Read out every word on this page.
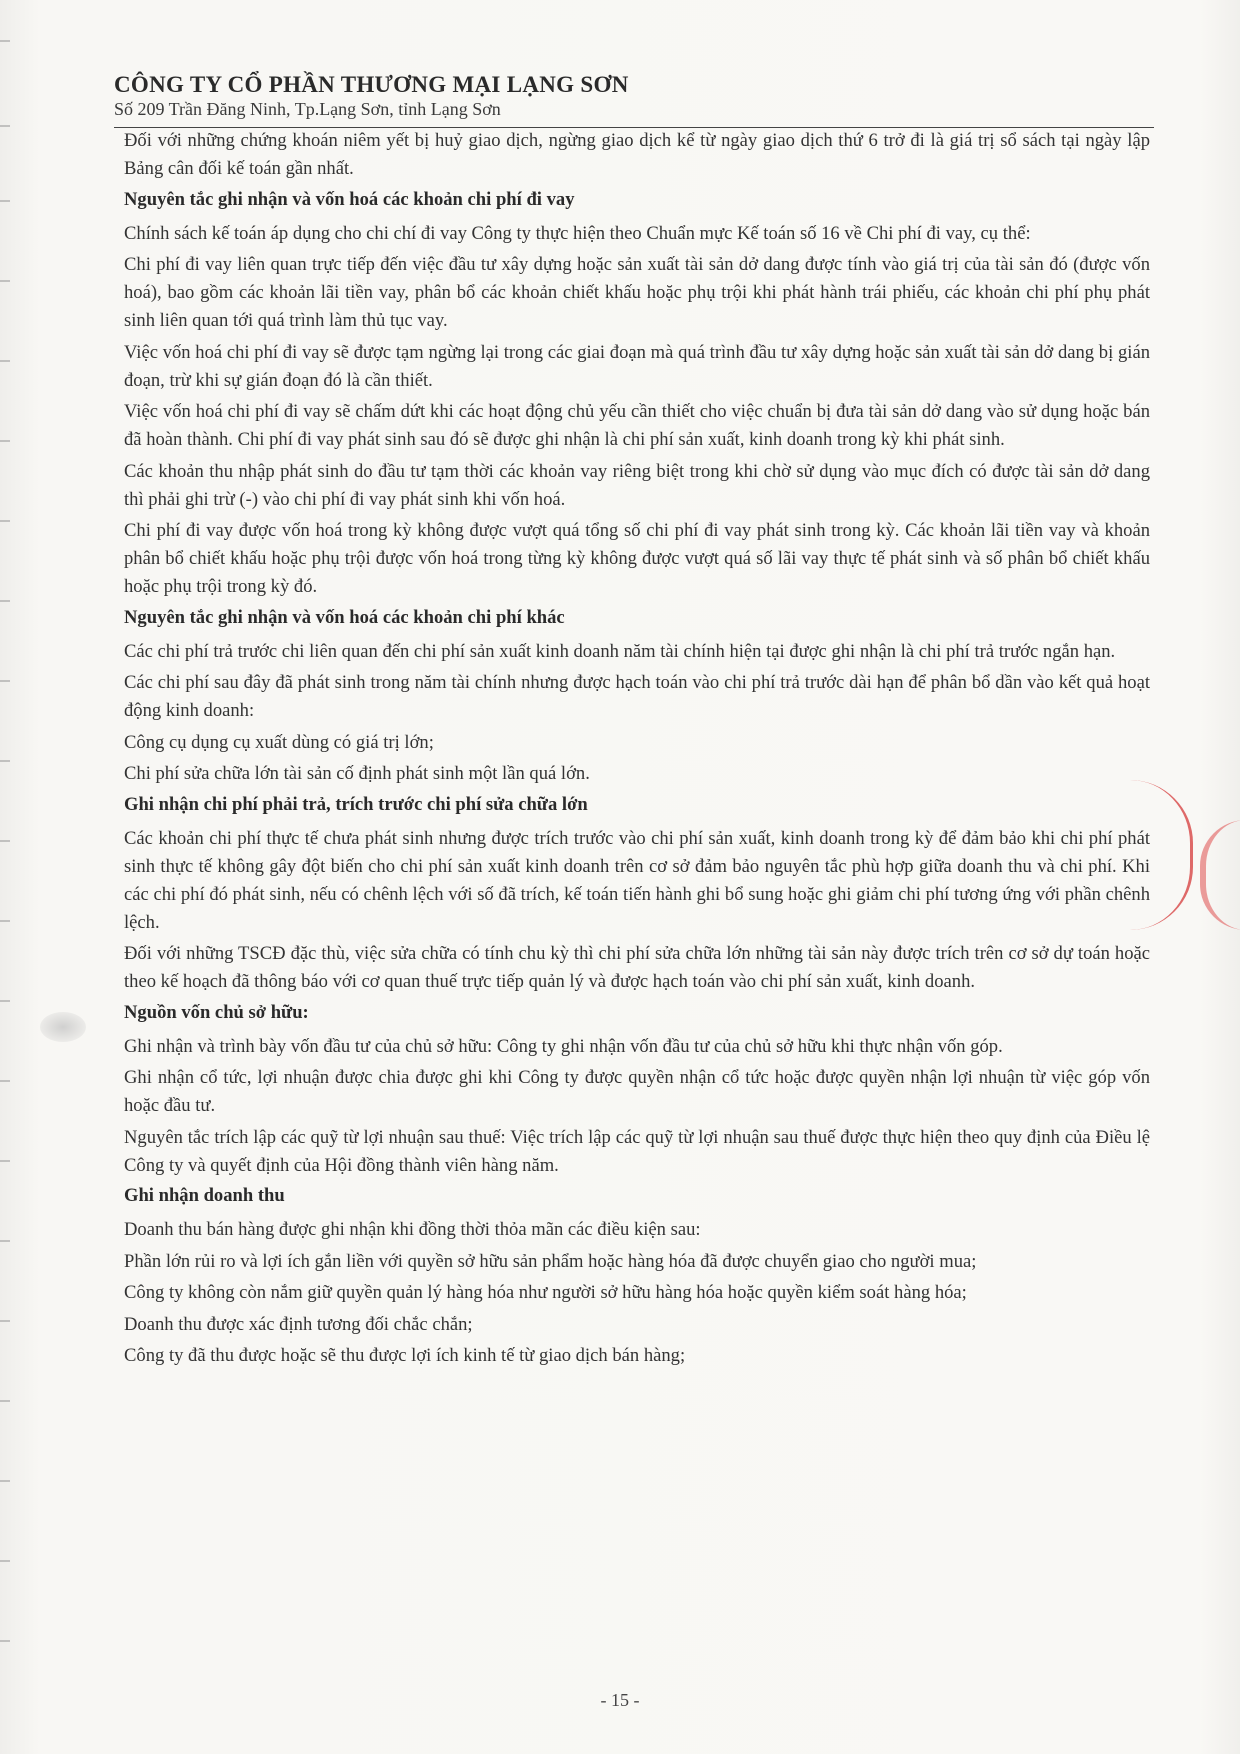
CÔNG TY CỔ PHẦN THƯƠNG MẠI LẠNG SƠN
Số 209 Trần Đăng Ninh, Tp.Lạng Sơn, tỉnh Lạng Sơn

Đối với những chứng khoán niêm yết bị huỷ giao dịch, ngừng giao dịch kể từ ngày giao dịch thứ 6 trở đi là giá trị sổ sách tại ngày lập Bảng cân đối kế toán gần nhất.

Nguyên tắc ghi nhận và vốn hoá các khoản chi phí đi vay

Chính sách kế toán áp dụng cho chi chí đi vay Công ty thực hiện theo Chuẩn mực Kế toán số 16 về Chi phí đi vay, cụ thể:

Chi phí đi vay liên quan trực tiếp đến việc đầu tư xây dựng hoặc sản xuất tài sản dở dang được tính vào giá trị của tài sản đó (được vốn hoá), bao gồm các khoản lãi tiền vay, phân bổ các khoản chiết khấu hoặc phụ trội khi phát hành trái phiếu, các khoản chi phí phụ phát sinh liên quan tới quá trình làm thủ tục vay.

Việc vốn hoá chi phí đi vay sẽ được tạm ngừng lại trong các giai đoạn mà quá trình đầu tư xây dựng hoặc sản xuất tài sản dở dang bị gián đoạn, trừ khi sự gián đoạn đó là cần thiết.

Việc vốn hoá chi phí đi vay sẽ chấm dứt khi các hoạt động chủ yếu cần thiết cho việc chuẩn bị đưa tài sản dở dang vào sử dụng hoặc bán đã hoàn thành. Chi phí đi vay phát sinh sau đó sẽ được ghi nhận là chi phí sản xuất, kinh doanh trong kỳ khi phát sinh.

Các khoản thu nhập phát sinh do đầu tư tạm thời các khoản vay riêng biệt trong khi chờ sử dụng vào mục đích có được tài sản dở dang thì phải ghi trừ (-) vào chi phí đi vay phát sinh khi vốn hoá.

Chi phí đi vay được vốn hoá trong kỳ không được vượt quá tổng số chi phí đi vay phát sinh trong kỳ. Các khoản lãi tiền vay và khoản phân bổ chiết khấu hoặc phụ trội được vốn hoá trong từng kỳ không được vượt quá số lãi vay thực tế phát sinh và số phân bổ chiết khấu hoặc phụ trội trong kỳ đó.

Nguyên tắc ghi nhận và vốn hoá các khoản chi phí khác

Các chi phí trả trước chi liên quan đến chi phí sản xuất kinh doanh năm tài chính hiện tại được ghi nhận là chi phí trả trước ngắn hạn.

Các chi phí sau đây đã phát sinh trong năm tài chính nhưng được hạch toán vào chi phí trả trước dài hạn để phân bổ dần vào kết quả hoạt động kinh doanh:

Công cụ dụng cụ xuất dùng có giá trị lớn;

Chi phí sửa chữa lớn tài sản cố định phát sinh một lần quá lớn.

Ghi nhận chi phí phải trả, trích trước chi phí sửa chữa lớn

Các khoản chi phí thực tế chưa phát sinh nhưng được trích trước vào chi phí sản xuất, kinh doanh trong kỳ để đảm bảo khi chi phí phát sinh thực tế không gây đột biến cho chi phí sản xuất kinh doanh trên cơ sở đảm bảo nguyên tắc phù hợp giữa doanh thu và chi phí. Khi các chi phí đó phát sinh, nếu có chênh lệch với số đã trích, kế toán tiến hành ghi bổ sung hoặc ghi giảm chi phí tương ứng với phần chênh lệch.

Đối với những TSCĐ đặc thù, việc sửa chữa có tính chu kỳ thì chi phí sửa chữa lớn những tài sản này được trích trên cơ sở dự toán hoặc theo kế hoạch đã thông báo với cơ quan thuế trực tiếp quản lý và được hạch toán vào chi phí sản xuất, kinh doanh.

Nguồn vốn chủ sở hữu:

Ghi nhận và trình bày vốn đầu tư của chủ sở hữu: Công ty ghi nhận vốn đầu tư của chủ sở hữu khi thực nhận vốn góp.

Ghi nhận cổ tức, lợi nhuận được chia được ghi khi Công ty được quyền nhận cổ tức hoặc được quyền nhận lợi nhuận từ việc góp vốn hoặc đầu tư.

Nguyên tắc trích lập các quỹ từ lợi nhuận sau thuế: Việc trích lập các quỹ từ lợi nhuận sau thuế được thực hiện theo quy định của Điều lệ Công ty và quyết định của Hội đồng thành viên hàng năm.

Ghi nhận doanh thu

Doanh thu bán hàng được ghi nhận khi đồng thời thỏa mãn các điều kiện sau:

Phần lớn rủi ro và lợi ích gắn liền với quyền sở hữu sản phẩm hoặc hàng hóa đã được chuyển giao cho người mua;

Công ty không còn nắm giữ quyền quản lý hàng hóa như người sở hữu hàng hóa hoặc quyền kiểm soát hàng hóa;

Doanh thu được xác định tương đối chắc chắn;

Công ty đã thu được hoặc sẽ thu được lợi ích kinh tế từ giao dịch bán hàng;

- 15 -
